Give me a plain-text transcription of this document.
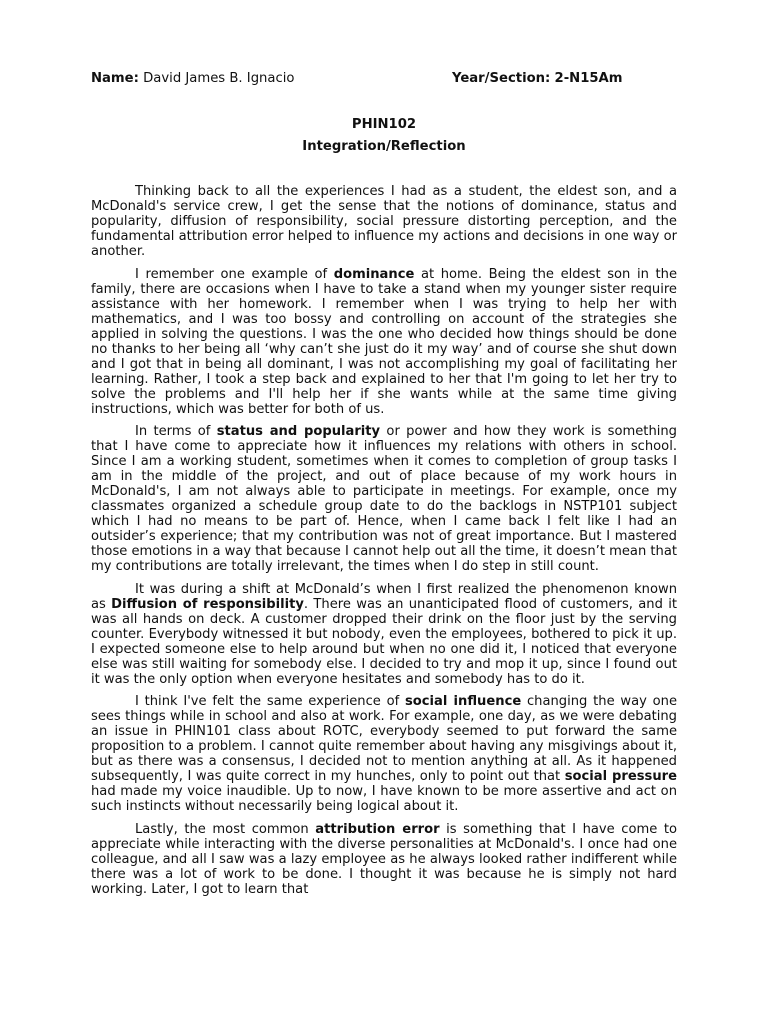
Name: David James B. Ignacio	Year/Section: 2-N15Am
PHIN102
Integration/Reflection

Thinking back to all the experiences I had as a student, the eldest son, and a McDonald's service crew, I get the sense that the notions of dominance, status and popularity, diffusion of responsibility, social pressure distorting perception, and the fundamental attribution error helped to influence my actions and decisions in one way or another.

I remember one example of dominance at home. Being the eldest son in the family, there are occasions when I have to take a stand when my younger sister require assistance with her homework. I remember when I was trying to help her with mathematics, and I was too bossy and controlling on account of the strategies she applied in solving the questions. I was the one who decided how things should be done no thanks to her being all ‘why can’t she just do it my way’ and of course she shut down and I got that in being all dominant, I was not accomplishing my goal of facilitating her learning. Rather, I took a step back and explained to her that I'm going to let her try to solve the problems and I'll help her if she wants while at the same time giving instructions, which was better for both of us.

In terms of status and popularity or power and how they work is something that I have come to appreciate how it influences my relations with others in school. Since I am a working student, sometimes when it comes to completion of group tasks I am in the middle of the project, and out of place because of my work hours in McDonald's, I am not always able to participate in meetings. For example, once my classmates organized a schedule group date to do the backlogs in NSTP101 subject which I had no means to be part of. Hence, when I came back I felt like I had an outsider’s experience; that my contribution was not of great importance. But I mastered those emotions in a way that because I cannot help out all the time, it doesn’t mean that my contributions are totally irrelevant, the times when I do step in still count.

It was during a shift at McDonald’s when I first realized the phenomenon known as Diffusion of responsibility. There was an unanticipated flood of customers, and it was all hands on deck. A customer dropped their drink on the floor just by the serving counter. Everybody witnessed it but nobody, even the employees, bothered to pick it up. I expected someone else to help around but when no one did it, I noticed that everyone else was still waiting for somebody else. I decided to try and mop it up, since I found out it was the only option when everyone hesitates and somebody has to do it.

I think I've felt the same experience of social influence changing the way one sees things while in school and also at work. For example, one day, as we were debating an issue in PHIN101 class about ROTC, everybody seemed to put forward the same proposition to a problem. I cannot quite remember about having any misgivings about it, but as there was a consensus, I decided not to mention anything at all. As it happened subsequently, I was quite correct in my hunches, only to point out that social pressure had made my voice inaudible. Up to now, I have known to be more assertive and act on such instincts without necessarily being logical about it.

Lastly, the most common attribution error is something that I have come to appreciate while interacting with the diverse personalities at McDonald's. I once had one colleague, and all I saw was a lazy employee as he always looked rather indifferent while there was a lot of work to be done. I thought it was because he is simply not hard working. Later, I got to learn that
